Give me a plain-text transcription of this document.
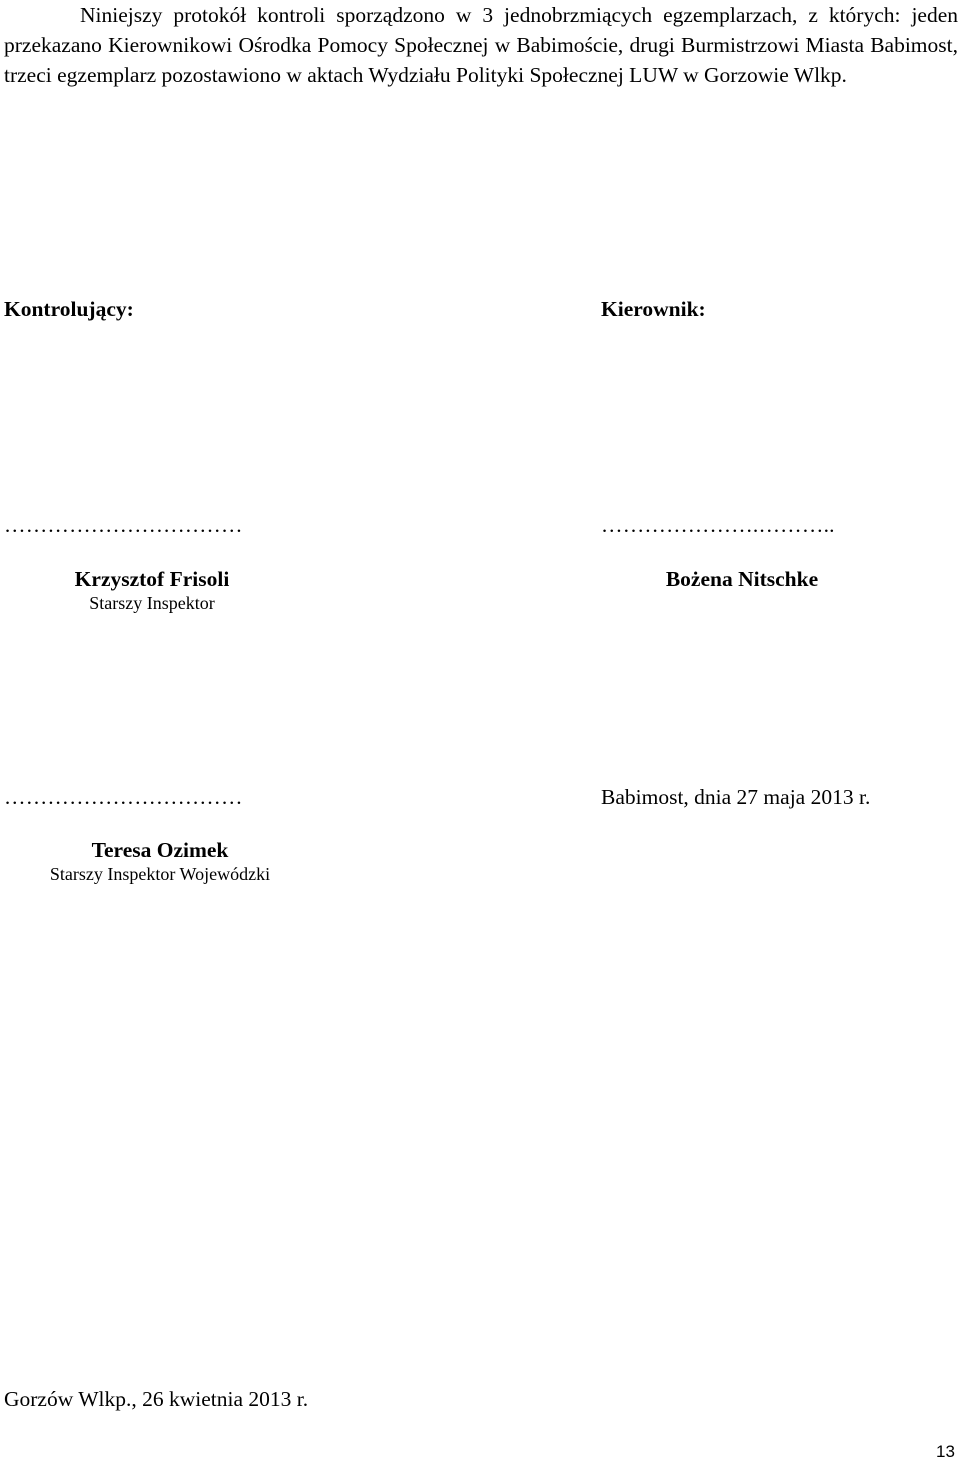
Niniejszy protokół kontroli sporządzono w 3 jednobrzmiących egzemplarzach, z których: jeden przekazano Kierownikowi Ośrodka Pomocy Społecznej w Babimoście, drugi Burmistrzowi Miasta Babimost, trzeci egzemplarz pozostawiono w aktach Wydziału Polityki Społecznej LUW w Gorzowie Wlkp.

Kontrolujący:	Kierownik:
……………………………
Krzysztof Frisoli
Starszy Inspektor
………………….………..
Bożena Nitschke
……………………………	Babimost, dnia 27 maja 2013 r.
Teresa Ozimek
Starszy Inspektor Wojewódzki
Gorzów Wlkp., 26 kwietnia 2013 r.
13
